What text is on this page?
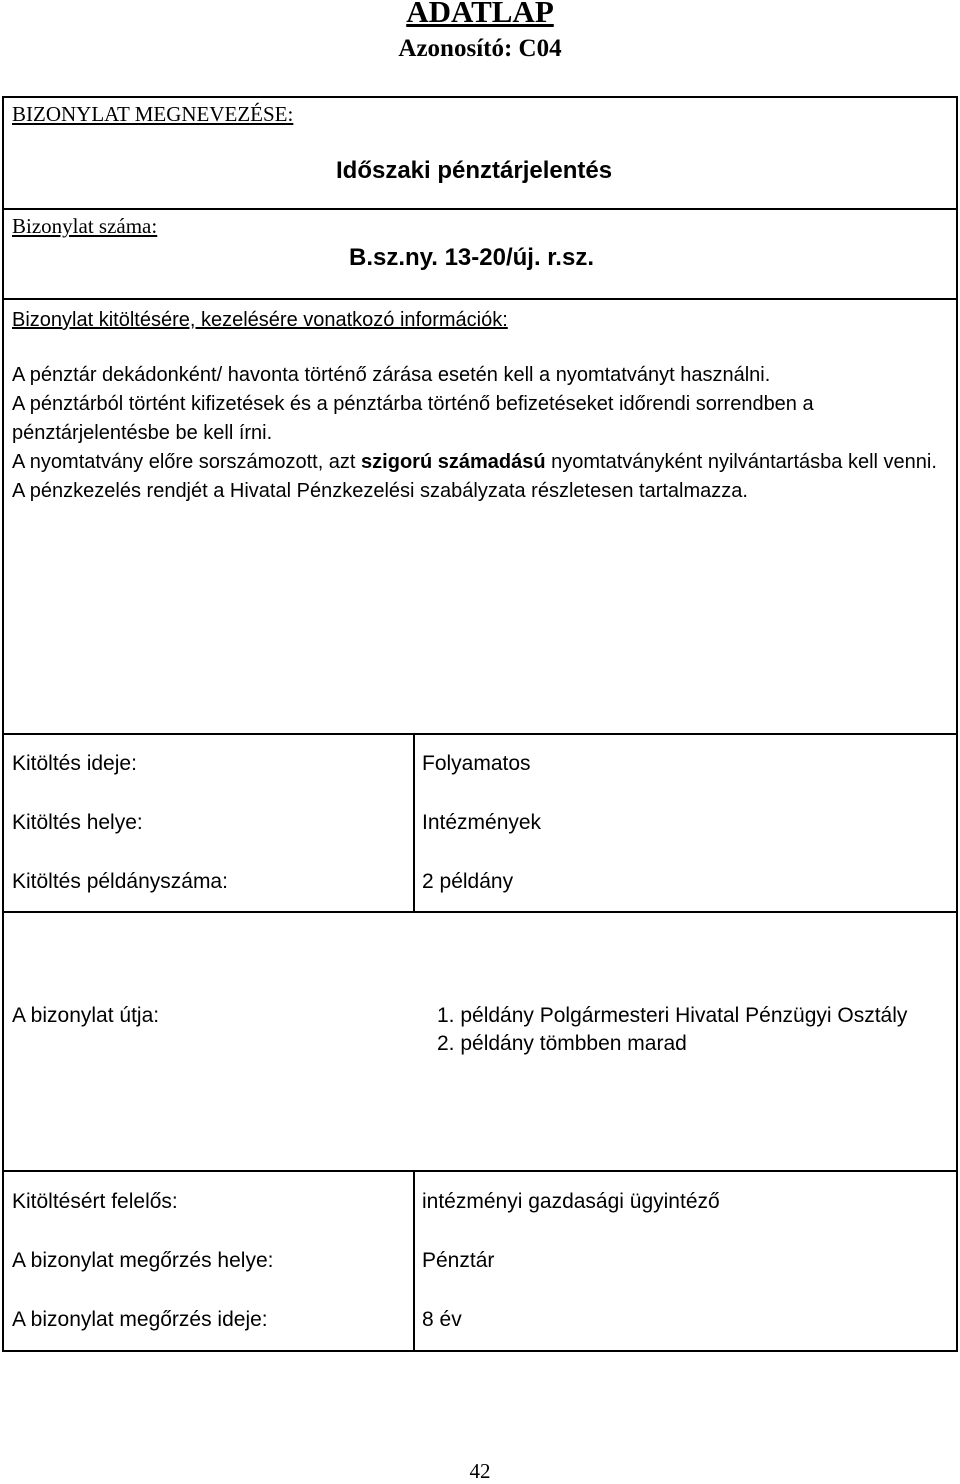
ADATLAP
Azonosító: C04
BIZONYLAT MEGNEVEZÉSE:
Időszaki pénztárjelentés
Bizonylat száma:
B.sz.ny. 13-20/új. r.sz.
Bizonylat kitöltésére, kezelésére vonatkozó információk:

A pénztár dekádonként/ havonta történő zárása esetén kell a nyomtatványt használni.

A pénztárból történt kifizetések és a pénztárba történő befizetéseket időrendi sorrendben a pénztárjelentésbe be kell írni.

A nyomtatvány előre sorszámozott, azt szigorú számadású nyomtatványként nyilvántartásba kell venni.

A pénzkezelés rendjét a Hivatal Pénzkezelési szabályzata részletesen tartalmazza.

Kitöltés ideje:	Folyamatos
Kitöltés helye:	Intézmények
Kitöltés példányszáma:	2 példány
A bizonylat útja:	1. példány Polgármesteri Hivatal Pénzügyi Osztály
2. példány tömbben marad
Kitöltésért felelős:	intézményi gazdasági ügyintéző
A bizonylat megőrzés helye:	Pénztár
A bizonylat megőrzés ideje:	8 év
42
